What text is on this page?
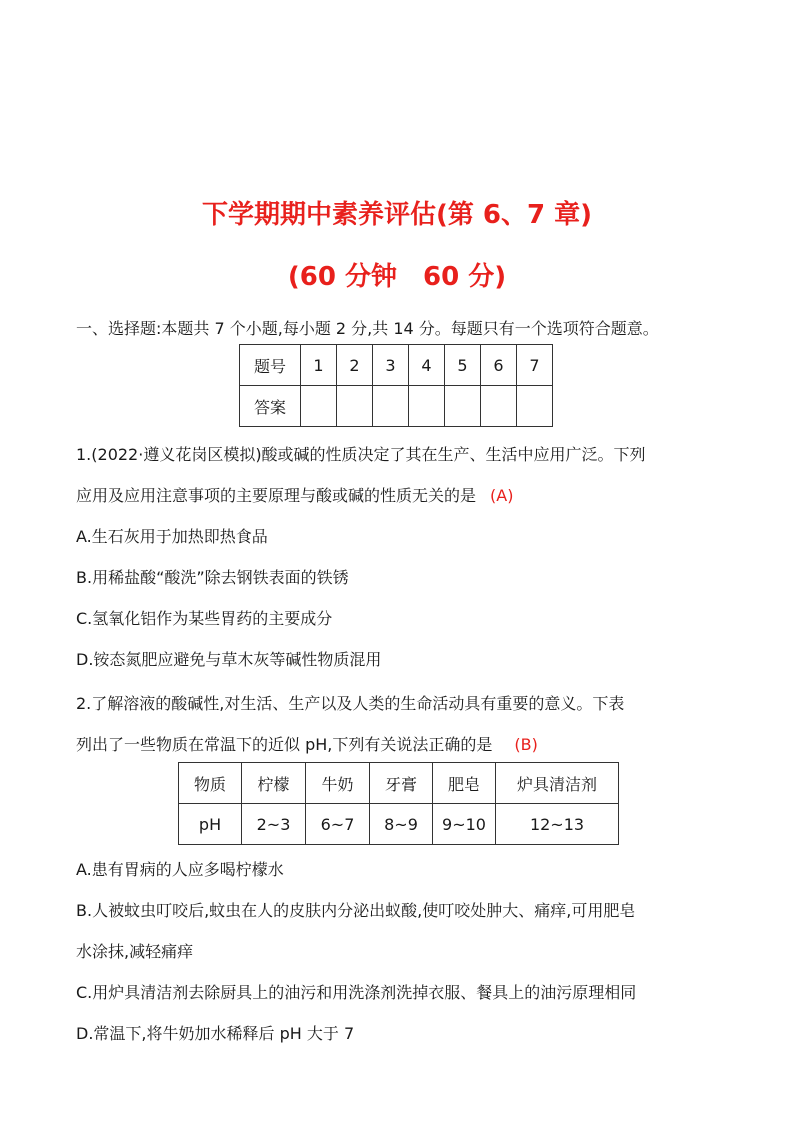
下学期期中素养评估(第 6、7 章)
(60 分钟　60 分)
一、选择题:本题共 7 个小题,每小题 2 分,共 14 分。每题只有一个选项符合题意。
题号	1	2	3	4	5	6	7
答案							
1.(2022·遵义花岗区模拟)酸或碱的性质决定了其在生产、生活中应用广泛。下列
应用及应用注意事项的主要原理与酸或碱的性质无关的是 (A)
A.生石灰用于加热即热食品
B.用稀盐酸“酸洗”除去钢铁表面的铁锈
C.氢氧化铝作为某些胃药的主要成分
D.铵态氮肥应避免与草木灰等碱性物质混用
2.了解溶液的酸碱性,对生活、生产以及人类的生命活动具有重要的意义。下表
列出了一些物质在常温下的近似 pH,下列有关说法正确的是 (B)
物质	柠檬	牛奶	牙膏	肥皂	炉具清洁剂
pH	2~3	6~7	8~9	9~10	12~13
A.患有胃病的人应多喝柠檬水
B.人被蚊虫叮咬后,蚊虫在人的皮肤内分泌出蚁酸,使叮咬处肿大、痛痒,可用肥皂
水涂抹,减轻痛痒
C.用炉具清洁剂去除厨具上的油污和用洗涤剂洗掉衣服、餐具上的油污原理相同
D.常温下,将牛奶加水稀释后 pH 大于 7
